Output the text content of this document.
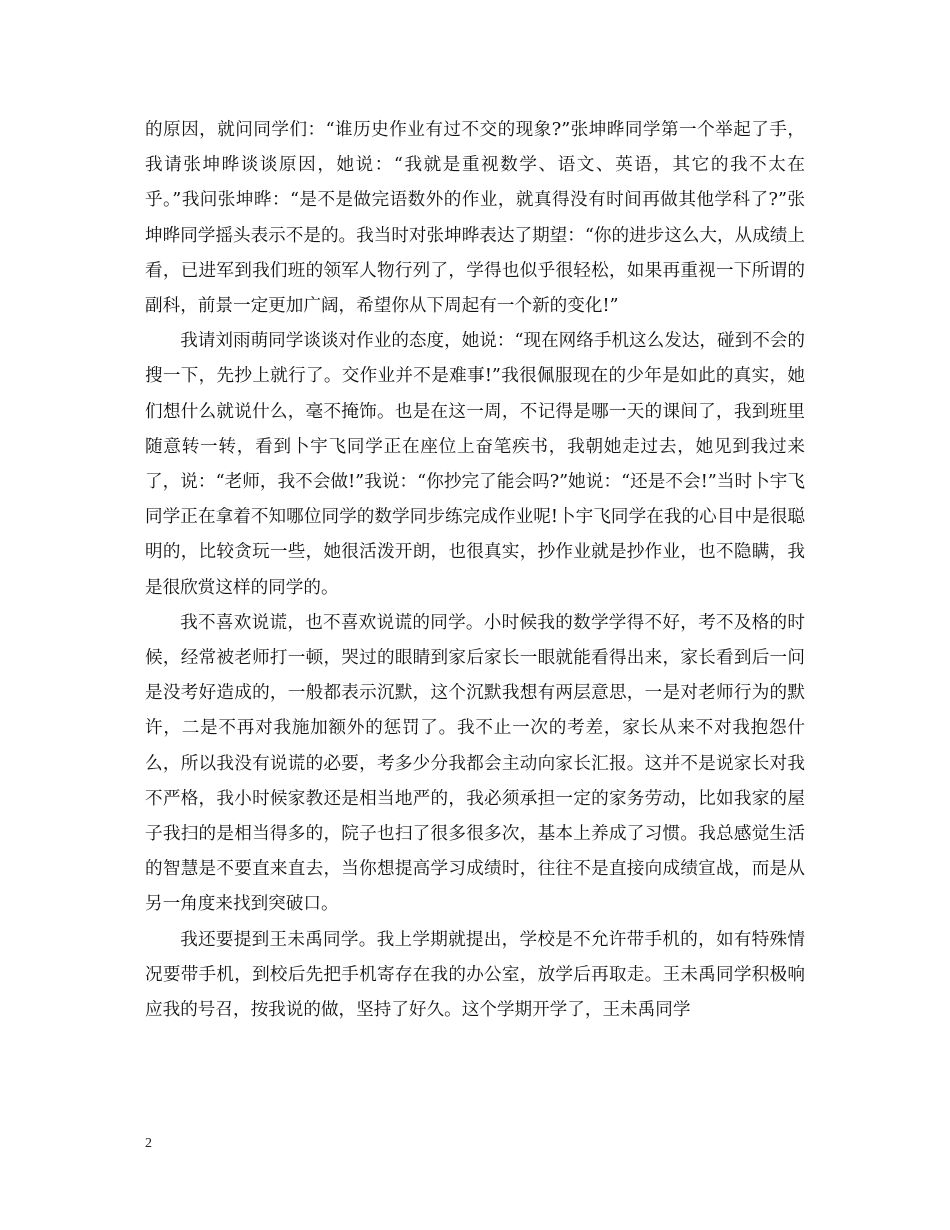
的原因，就问同学们：“谁历史作业有过不交的现象?”张坤晔同学第一个举起了手，我请张坤晔谈谈原因，她说：“我就是重视数学、语文、英语，其它的我不太在乎。”我问张坤晔：“是不是做完语数外的作业，就真得没有时间再做其他学科了?”张坤晔同学摇头表示不是的。我当时对张坤晔表达了期望：“你的进步这么大，从成绩上看，已进军到我们班的领军人物行列了，学得也似乎很轻松，如果再重视一下所谓的副科，前景一定更加广阔，希望你从下周起有一个新的变化!”

我请刘雨萌同学谈谈对作业的态度，她说：“现在网络手机这么发达，碰到不会的搜一下，先抄上就行了。交作业并不是难事!”我很佩服现在的少年是如此的真实，她们想什么就说什么，毫不掩饰。也是在这一周，不记得是哪一天的课间了，我到班里随意转一转，看到卜宇飞同学正在座位上奋笔疾书，我朝她走过去，她见到我过来了，说：“老师，我不会做!”我说：“你抄完了能会吗?”她说：“还是不会!”当时卜宇飞同学正在拿着不知哪位同学的数学同步练完成作业呢!卜宇飞同学在我的心目中是很聪明的，比较贪玩一些，她很活泼开朗，也很真实，抄作业就是抄作业，也不隐瞒，我是很欣赏这样的同学的。

我不喜欢说谎，也不喜欢说谎的同学。小时候我的数学学得不好，考不及格的时候，经常被老师打一顿，哭过的眼睛到家后家长一眼就能看得出来，家长看到后一问是没考好造成的，一般都表示沉默，这个沉默我想有两层意思，一是对老师行为的默许，二是不再对我施加额外的惩罚了。我不止一次的考差，家长从来不对我抱怨什么，所以我没有说谎的必要，考多少分我都会主动向家长汇报。这并不是说家长对我不严格，我小时候家教还是相当地严的，我必须承担一定的家务劳动，比如我家的屋子我扫的是相当得多的，院子也扫了很多很多次，基本上养成了习惯。我总感觉生活的智慧是不要直来直去，当你想提高学习成绩时，往往不是直接向成绩宣战，而是从另一角度来找到突破口。

我还要提到王未禹同学。我上学期就提出，学校是不允许带手机的，如有特殊情况要带手机，到校后先把手机寄存在我的办公室，放学后再取走。王未禹同学积极响应我的号召，按我说的做，坚持了好久。这个学期开学了，王未禹同学

2
